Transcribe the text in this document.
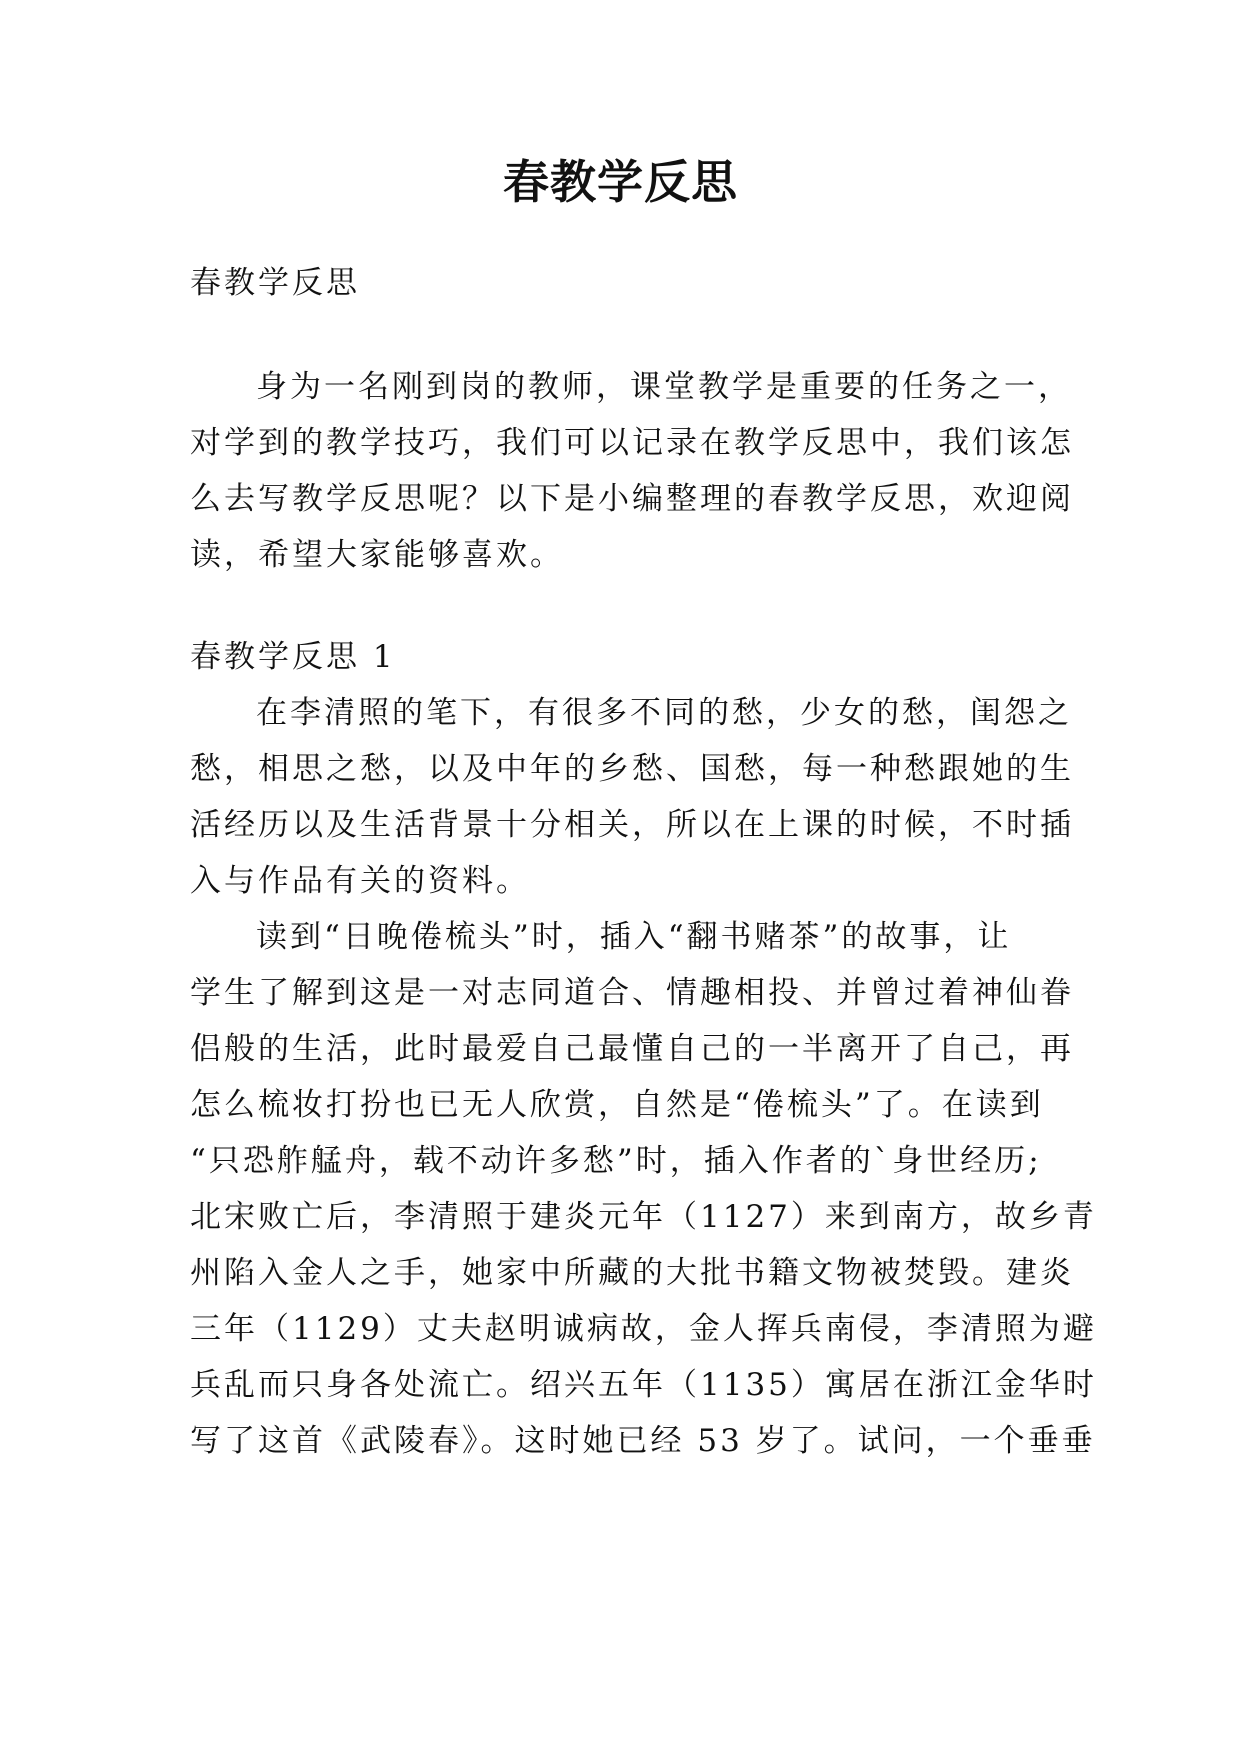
春教学反思

春教学反思

身为一名刚到岗的教师，课堂教学是重要的任务之一，
对学到的教学技巧，我们可以记录在教学反思中，我们该怎
么去写教学反思呢？以下是小编整理的春教学反思，欢迎阅
读，希望大家能够喜欢。

春教学反思 1

在李清照的笔下，有很多不同的愁，少女的愁，闺怨之
愁，相思之愁，以及中年的乡愁、国愁，每一种愁跟她的生
活经历以及生活背景十分相关，所以在上课的时候，不时插
入与作品有关的资料。
读到“日晚倦梳头”时，插入“翻书赌茶”的故事，让
学生了解到这是一对志同道合、情趣相投、并曾过着神仙眷
侣般的生活，此时最爱自己最懂自己的一半离开了自己，再
怎么梳妆打扮也已无人欣赏，自然是“倦梳头”了。在读到
“只恐舴艋舟，载不动许多愁”时，插入作者的`身世经历;
北宋败亡后，李清照于建炎元年（1127）来到南方，故乡青
州陷入金人之手，她家中所藏的大批书籍文物被焚毁。建炎
三年（1129）丈夫赵明诚病故，金人挥兵南侵，李清照为避
兵乱而只身各处流亡。绍兴五年（1135）寓居在浙江金华时
写了这首《武陵春》。这时她已经 53 岁了。试问，一个垂垂
